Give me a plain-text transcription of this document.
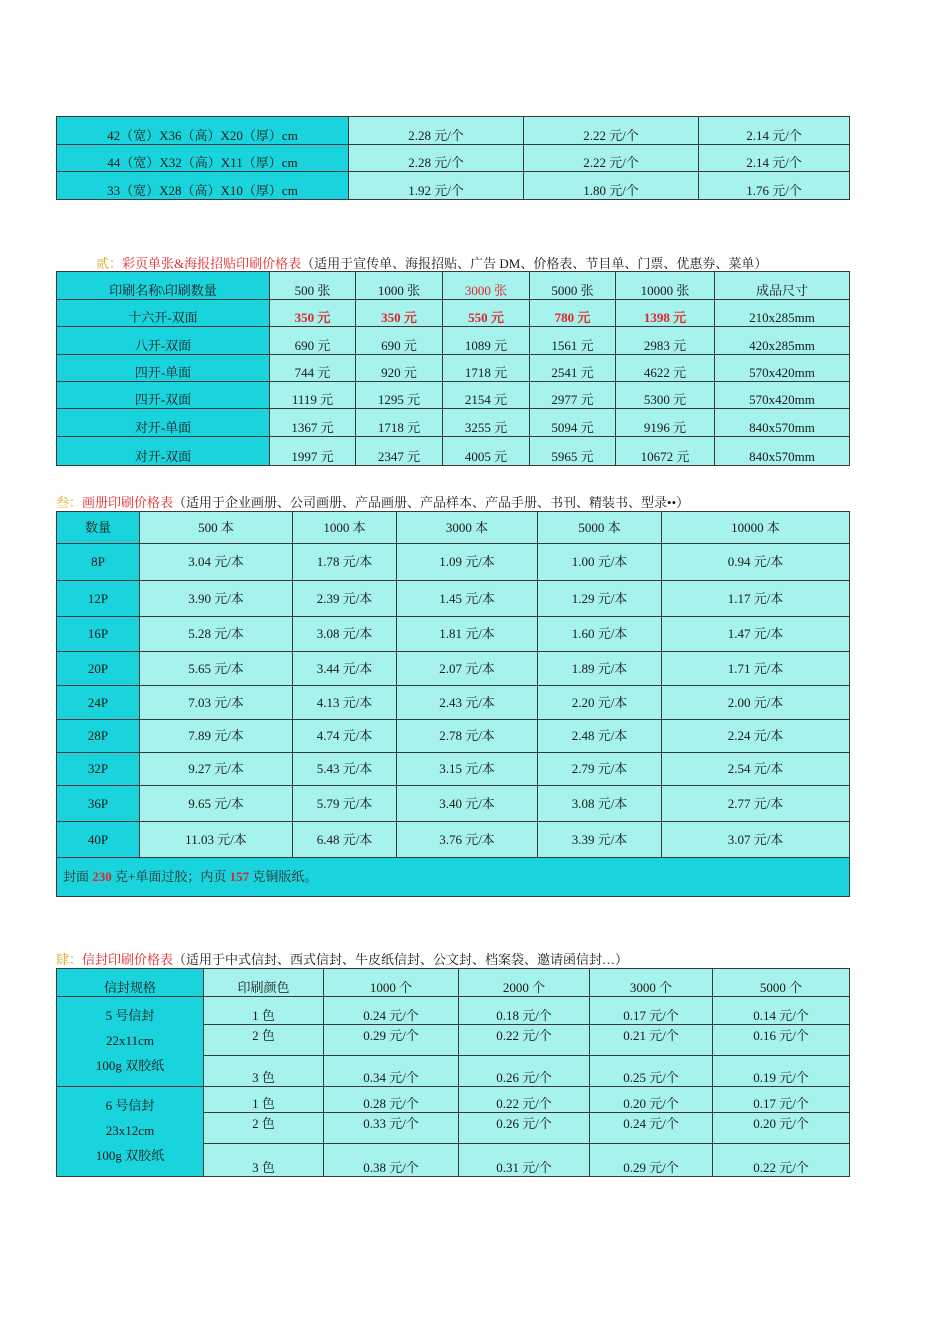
42（宽）X36（高）X20（厚）cm	2.28 元/个	2.22 元/个	2.14 元/个
44（宽）X32（高）X11（厚）cm	2.28 元/个	2.22 元/个	2.14 元/个
33（宽）X28（高）X10（厚）cm	1.92 元/个	1.80 元/个	1.76 元/个
贰：彩页单张&海报招贴印刷价格表（适用于宣传单、海报招贴、广告 DM、价格表、节目单、门票、优惠券、菜单）
印刷名称\印刷数量	500 张	1000 张	3000 张	5000 张	10000 张	成品尺寸
十六开-双面	350 元	350 元	550 元	780 元	1398 元	210x285mm
八开-双面	690 元	690 元	1089 元	1561 元	2983 元	420x285mm
四开-单面	744 元	920 元	1718 元	2541 元	4622 元	570x420mm
四开-双面	1119 元	1295 元	2154 元	2977 元	5300 元	570x420mm
对开-单面	1367 元	1718 元	3255 元	5094 元	9196 元	840x570mm
对开-双面	1997 元	2347 元	4005 元	5965 元	10672 元	840x570mm
叁：画册印刷价格表（适用于企业画册、公司画册、产品画册、产品样本、产品手册、书刊、精装书、型录••）
数量	500 本	1000 本	3000 本	5000 本	10000 本
8P	3.04 元/本	1.78 元/本	1.09 元/本	1.00 元/本	0.94 元/本
12P	3.90 元/本	2.39 元/本	1.45 元/本	1.29 元/本	1.17 元/本
16P	5.28 元/本	3.08 元/本	1.81 元/本	1.60 元/本	1.47 元/本
20P	5.65 元/本	3.44 元/本	2.07 元/本	1.89 元/本	1.71 元/本
24P	7.03 元/本	4.13 元/本	2.43 元/本	2.20 元/本	2.00 元/本
28P	7.89 元/本	4.74 元/本	2.78 元/本	2.48 元/本	2.24 元/本
32P	9.27 元/本	5.43 元/本	3.15 元/本	2.79 元/本	2.54 元/本
36P	9.65 元/本	5.79 元/本	3.40 元/本	3.08 元/本	2.77 元/本
40P	11.03 元/本	6.48 元/本	3.76 元/本	3.39 元/本	3.07 元/本
封面 230 克+单面过胶；内页 157 克铜版纸。					
肆：信封印刷价格表（适用于中式信封、西式信封、牛皮纸信封、公文封、档案袋、邀请函信封…）
信封规格	印刷颜色	1000 个	2000 个	3000 个	5000 个

5 号信封
22x11cm
100g 双胶纸	1 色	0.24 元/个	0.18 元/个	0.17 元/个	0.14 元/个
	2 色	0.29 元/个	0.22 元/个	0.21 元/个	0.16 元/个
	3 色	0.34 元/个	0.26 元/个	0.25 元/个	0.19 元/个

6 号信封
23x12cm
100g 双胶纸	1 色	0.28 元/个	0.22 元/个	0.20 元/个	0.17 元/个
	2 色	0.33 元/个	0.26 元/个	0.24 元/个	0.20 元/个
	3 色	0.38 元/个	0.31 元/个	0.29 元/个	0.22 元/个
